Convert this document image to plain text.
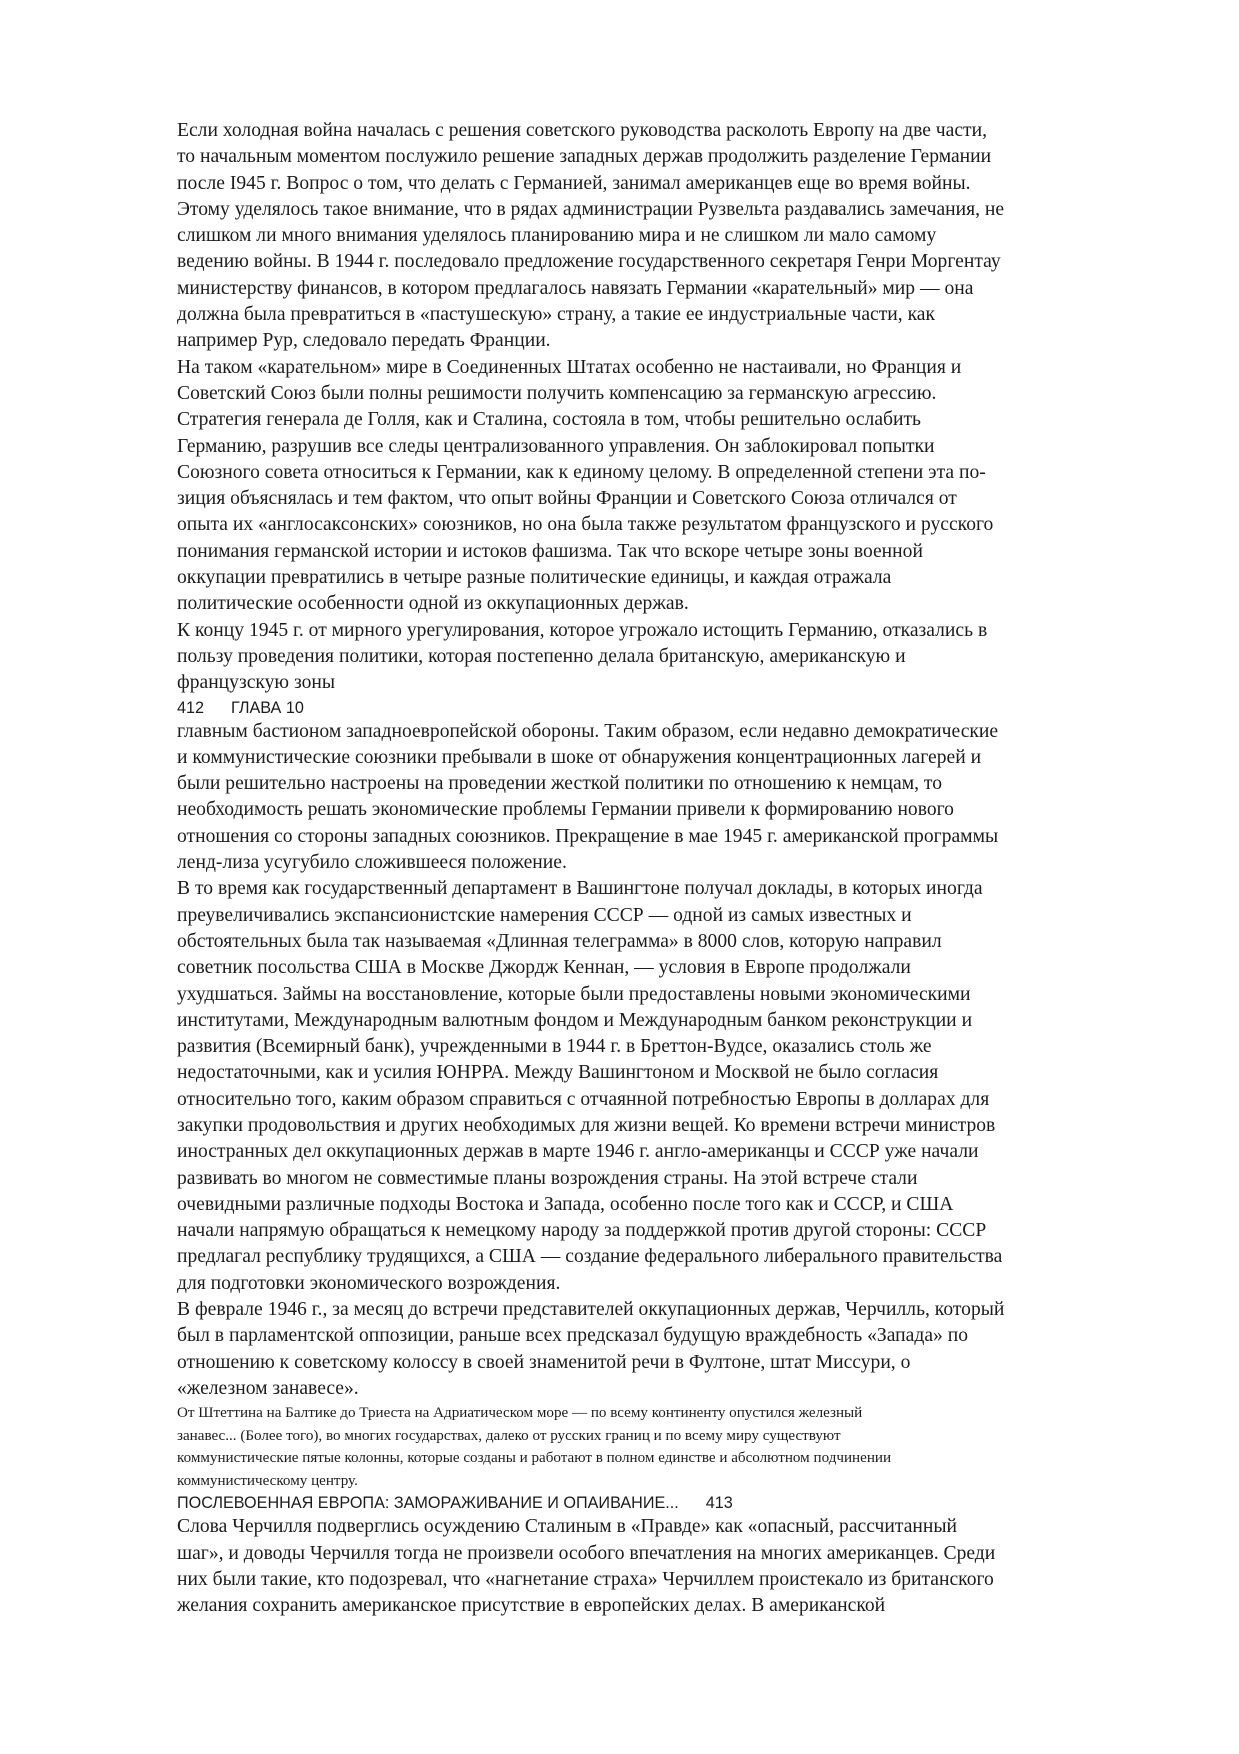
Если холодная война началась с решения советского руководства расколоть Европу на две части,
то начальным моментом послужило решение западных держав продолжить разделение Германии
после I945 г. Вопрос о том, что делать с Германией, занимал американцев еще во время войны.
Этому уделялось такое внимание, что в рядах администрации Рузвельта раздавались замечания, не
слишком ли много внимания уделялось планированию мира и не слишком ли мало самому
ведению войны. В 1944 г. последовало предложение государственного секретаря Генри Моргентау
министерству финансов, в котором предлагалось навязать Германии «карательный» мир — она
должна была превратиться в «пастушескую» страну, а такие ее индустриальные части, как
например Рур, следовало передать Франции.

На таком «карательном» мире в Соединенных Штатах особенно не настаивали, но Франция и
Советский Союз были полны решимости получить компенсацию за германскую агрессию.
Стратегия генерала де Голля, как и Сталина, состояла в том, чтобы решительно ослабить
Германию, разрушив все следы централизованного управления. Он заблокировал попытки
Союзного совета относиться к Германии, как к единому целому. В определенной степени эта по-
зиция объяснялась и тем фактом, что опыт войны Франции и Советского Союза отличался от
опыта их «англосаксонских» союзников, но она была также результатом французского и русского
понимания германской истории и истоков фашизма. Так что вскоре четыре зоны военной
оккупации превратились в четыре разные политические единицы, и каждая отражала
политические особенности одной из оккупационных держав.

К концу 1945 г. от мирного урегулирования, которое угрожало истощить Германию, отказались в
пользу проведения политики, которая постепенно делала британскую, американскую и
французскую зоны

412      ГЛАВА 10

главным бастионом западноевропейской обороны. Таким образом, если недавно демократические
и коммунистические союзники пребывали в шоке от обнаружения концентрационных лагерей и
были решительно настроены на проведении жесткой политики по отношению к немцам, то
необходимость решать экономические проблемы Германии привели к формированию нового
отношения со стороны западных союзников. Прекращение в мае 1945 г. американской программы
ленд-лиза усугубило сложившееся положение.

В то время как государственный департамент в Вашингтоне получал доклады, в которых иногда
преувеличивались экспансионистские намерения СССР — одной из самых известных и
обстоятельных была так называемая «Длинная телеграмма» в 8000 слов, которую направил
советник посольства США в Москве Джордж Кеннан, — условия в Европе продолжали
ухудшаться. Займы на восстановление, которые были предоставлены новыми экономическими
институтами, Международным валютным фондом и Международным банком реконструкции и
развития (Всемирный банк), учрежденными в 1944 г. в Бреттон-Вудсе, оказались столь же
недостаточными, как и усилия ЮНРРА. Между Вашингтоном и Москвой не было согласия
относительно того, каким образом справиться с отчаянной потребностью Европы в долларах для
закупки продовольствия и других необходимых для жизни вещей. Ко времени встречи министров
иностранных дел оккупационных держав в марте 1946 г. англо-американцы и СССР уже начали
развивать во многом не совместимые планы возрождения страны. На этой встрече стали
очевидными различные подходы Востока и Запада, особенно после того как и СССР, и США
начали напрямую обращаться к немецкому народу за поддержкой против другой стороны: СССР
предлагал республику трудящихся, а США — создание федерального либерального правительства
для подготовки экономического возрождения.

В феврале 1946 г., за месяц до встречи представителей оккупационных держав, Черчилль, который
был в парламентской оппозиции, раньше всех предсказал будущую враждебность «Запада» по
отношению к советскому колоссу в своей знаменитой речи в Фултоне, штат Миссури, о
«железном занавесе».

От Штеттина на Балтике до Триеста на Адриатическом море — по всему континенту опустился железный
занавес... (Более того), во многих государствах, далеко от русских границ и по всему миру существуют
коммунистические пятые колонны, которые созданы и работают в полном единстве и абсолютном подчинении
коммунистическому центру.

ПОСЛЕВОЕННАЯ ЕВРОПА: ЗАМОРАЖИВАНИЕ И ОПАИВАНИЕ...      413

Слова Черчилля подверглись осуждению Сталиным в «Правде» как «опасный, рассчитанный
шаг», и доводы Черчилля тогда не произвели особого впечатления на многих американцев. Среди
них были такие, кто подозревал, что «нагнетание страха» Черчиллем проистекало из британского
желания сохранить американское присутствие в европейских делах. В американской
